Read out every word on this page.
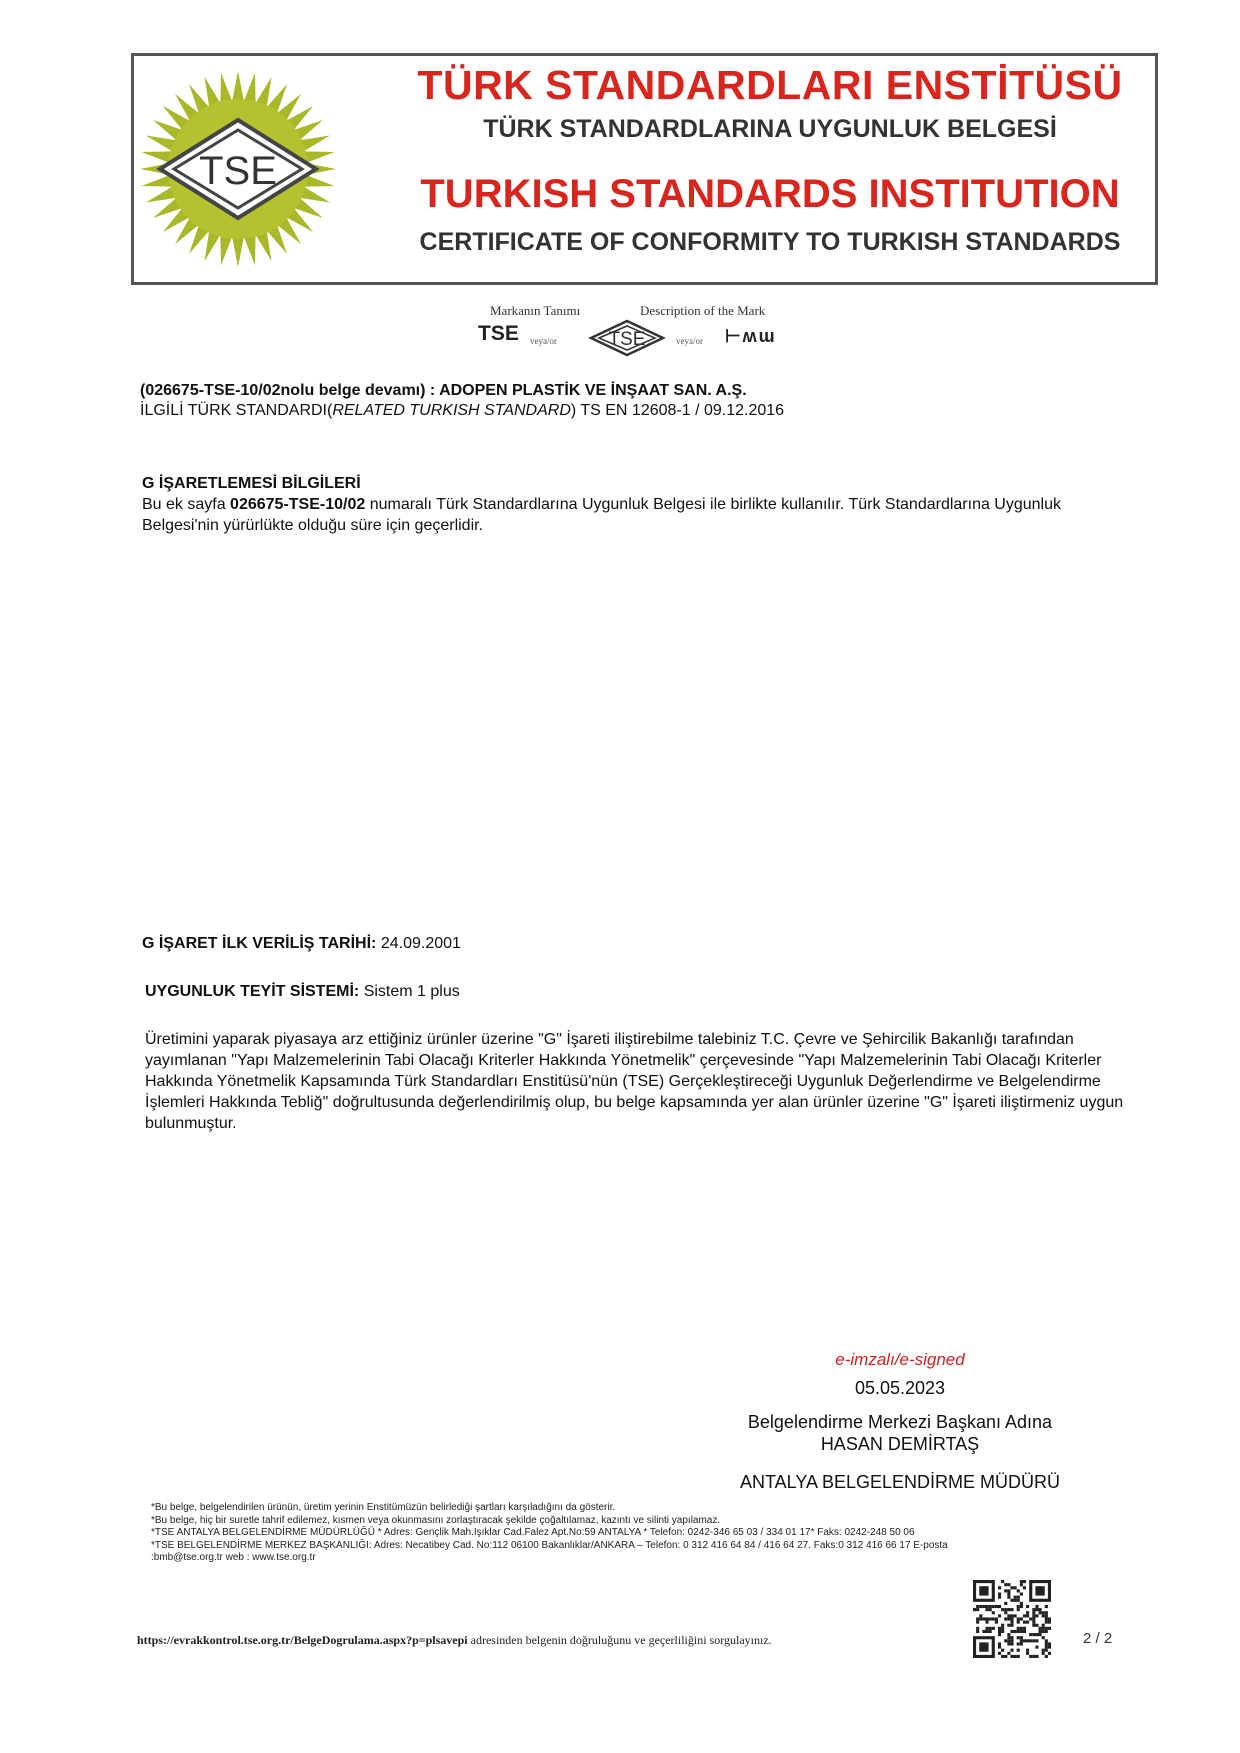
TSE
TÜRK STANDARDLARI ENSTİTÜSÜ
TÜRK STANDARDLARINA UYGUNLUK BELGESİ
TURKISH STANDARDS INSTITUTION
CERTIFICATE OF CONFORMITY TO TURKISH STANDARDS
Markanın Tanımı	Description of the Mark
TSE veya/or	TSE	veya/or ⊢ʍɯ
(026675-TSE-10/02nolu belge devamı) : ADOPEN PLASTİK VE İNŞAAT SAN. A.Ş.
İLGİLİ TÜRK STANDARDI(RELATED TURKISH STANDARD) TS EN 12608-1 / 09.12.2016
G İŞARETLEMESİ BİLGİLERİ
Bu ek sayfa 026675-TSE-10/02 numaralı Türk Standardlarına Uygunluk Belgesi ile birlikte kullanılır. Türk Standardlarına Uygunluk Belgesi'nin yürürlükte olduğu süre için geçerlidir.
G İŞARET İLK VERİLİŞ TARİHİ: 24.09.2001
UYGUNLUK TEYİT SİSTEMİ: Sistem 1 plus
Üretimini yaparak piyasaya arz ettiğiniz ürünler üzerine "G" İşareti iliştirebilme talebiniz T.C. Çevre ve Şehircilik Bakanlığı tarafından yayımlanan "Yapı Malzemelerinin Tabi Olacağı Kriterler Hakkında Yönetmelik" çerçevesinde "Yapı Malzemelerinin Tabi Olacağı Kriterler Hakkında Yönetmelik Kapsamında Türk Standardları Enstitüsü'nün (TSE) Gerçekleştireceği Uygunluk Değerlendirme ve Belgelendirme İşlemleri Hakkında Tebliğ" doğrultusunda değerlendirilmiş olup, bu belge kapsamında yer alan ürünler üzerine "G" İşareti iliştirmeniz uygun bulunmuştur.
e-imzalı/e-signed
05.05.2023
Belgelendirme Merkezi Başkanı Adına
HASAN DEMİRTAŞ
ANTALYA BELGELENDİRME MÜDÜRÜ
*Bu belge, belgelendirilen ürünün, üretim yerinin Enstitümüzün belirlediği şartları karşıladığını da gösterir.
*Bu belge, hiç bir suretle tahrif edilemez, kısmen veya okunmasını zorlaştıracak şekilde çoğaltılamaz, kazıntı ve silinti yapılamaz.
*TSE ANTALYA BELGELENDİRME MÜDÜRLÜĞÜ * Adres: Gençlik Mah.Işıklar Cad.Falez Apt.No:59 ANTALYA * Telefon: 0242-346 65 03 / 334 01 17* Faks: 0242-248 50 06
*TSE BELGELENDİRME MERKEZ BAŞKANLIĞI: Adres: Necatibey Cad. No:112 06100 Bakanlıklar/ANKARA – Telefon: 0 312 416 64 84 / 416 64 27. Faks:0 312 416 66 17 E-posta
:bmb@tse.org.tr web : www.tse.org.tr
https://evrakkontrol.tse.org.tr/BelgeDogrulama.aspx?p=plsavepi adresinden belgenin doğruluğunu ve geçerliliğini sorgulayınız.	2 / 2
